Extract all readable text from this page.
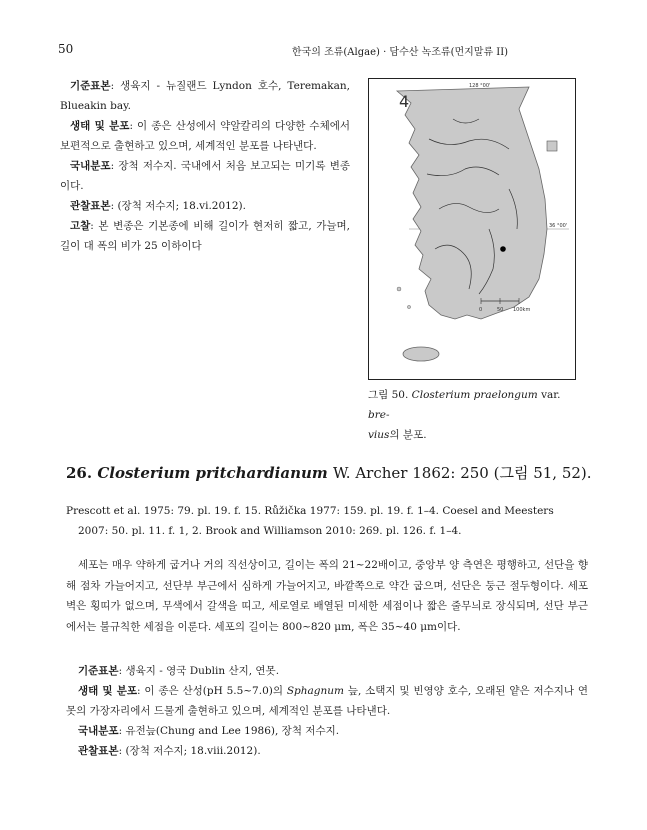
50	한국의 조류(Algae) · 담수산 녹조류(먼지말류 II)

기준표본: 생육지 - 뉴질랜드 Lyndon 호수, Teremakan, Blueakin bay.

생태 및 분포: 이 종은 산성에서 약알칼리의 다양한 수체에서 보편적으로 출현하고 있으며, 세계적인 분포를 나타낸다.

국내분포: 장척 저수지. 국내에서 처음 보고되는 미기록 변종이다.

관찰표본: (장척 저수지; 18.vi.2012).

고찰: 본 변종은 기본종에 비해 길이가 현저히 짧고, 가늘며, 길이 대 폭의 비가 25 이하이다

0	50 100km
4
128 °00'
36 °00'
그림 50. Closterium praelongum var. bre-
vius의 분포.
26. Closterium pritchardianum W. Archer 1862: 250 (그림 51, 52).

Prescott et al. 1975: 79. pl. 19. f. 15. Růžička 1977: 159. pl. 19. f. 1–4. Coesel and Meesters 2007: 50. pl. 11. f. 1, 2. Brook and Williamson 2010: 269. pl. 126. f. 1–4.

세포는 매우 약하게 굽거나 거의 직선상이고, 길이는 폭의 21~22배이고, 중앙부 양 측연은 평행하고, 선단을 향해 점차 가늘어지고, 선단부 부근에서 심하게 가늘어지고, 바깥쪽으로 약간 굽으며, 선단은 둥근 절두형이다. 세포벽은 횡띠가 없으며, 무색에서 갈색을 띠고, 세로열로 배열된 미세한 세점이나 짧은 줄무늬로 장식되며, 선단 부근에서는 불규칙한 세점을 이룬다. 세포의 길이는 800~820 μm, 폭은 35~40 μm이다.

기준표본: 생육지 - 영국 Dublin 산지, 연못.

생태 및 분포: 이 종은 산성(pH 5.5~7.0)의 Sphagnum 늪, 소택지 및 빈영양 호수, 오래된 얕은 저수지나 연못의 가장자리에서 드물게 출현하고 있으며, 세계적인 분포를 나타낸다.

국내분포: 유전늪(Chung and Lee 1986), 장척 저수지.

관찰표본: (장척 저수지; 18.viii.2012).
